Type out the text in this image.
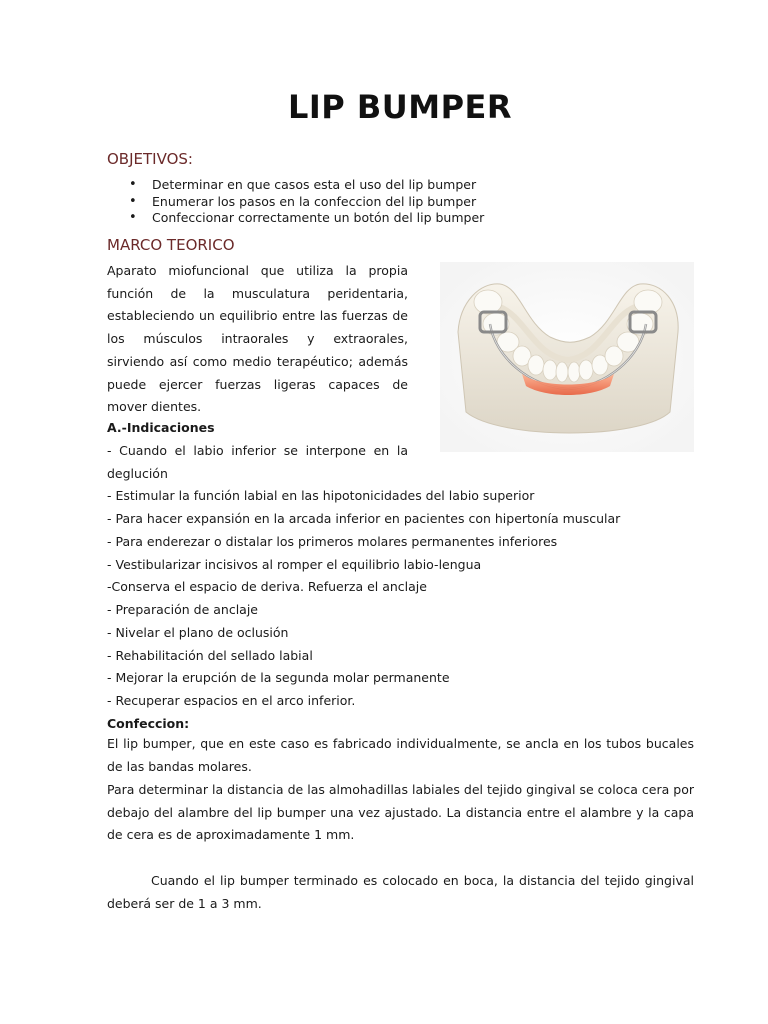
LIP BUMPER
OBJETIVOS:
• Determinar en que casos esta el uso del lip bumper
• Enumerar los pasos en la confeccion del lip bumper
• Confeccionar correctamente un botón del lip bumper
MARCO TEORICO

Aparato miofuncional que utiliza la propia función de la musculatura peridentaria, estableciendo un equilibrio entre las fuerzas de los músculos intraorales y extraorales, sirviendo así como medio terapéutico; además puede ejercer fuerzas ligeras capaces de mover dientes.

A.-Indicaciones
- Cuando el labio inferior se interpone en la deglución
- Estimular la función labial en las hipotonicidades del labio superior
- Para hacer expansión en la arcada inferior en pacientes con hipertonía muscular
- Para enderezar o distalar los primeros molares permanentes inferiores
- Vestibularizar incisivos al romper el equilibrio labio-lengua
-Conserva el espacio de deriva. Refuerza el anclaje
- Preparación de anclaje
- Nivelar el plano de oclusión
- Rehabilitación del sellado labial
- Mejorar la erupción de la segunda molar permanente
- Recuperar espacios en el arco inferior.
Confeccion:
El lip bumper, que en este caso es fabricado individualmente, se ancla en los tubos bucales de las bandas molares.
Para determinar la distancia de las almohadillas labiales del tejido gingival se coloca cera por debajo del alambre del lip bumper una vez ajustado. La distancia entre el alambre y la capa de cera es de aproximadamente 1 mm.
Cuando el lip bumper terminado es colocado en boca, la distancia del tejido gingival deberá ser de 1 a 3 mm.
